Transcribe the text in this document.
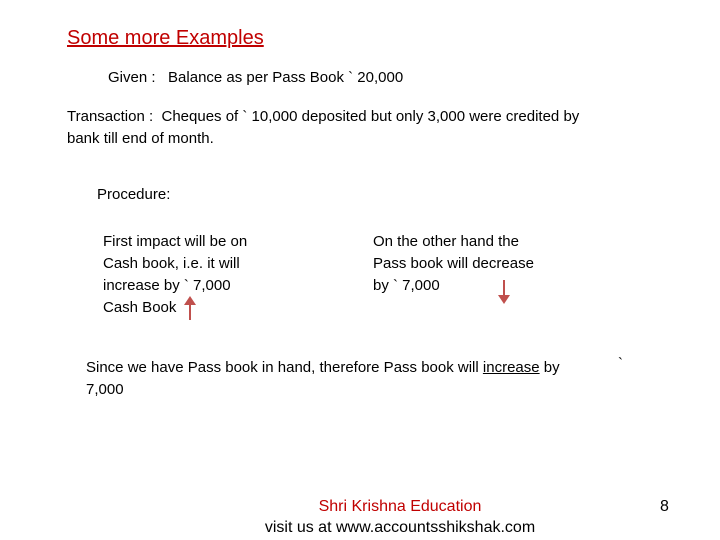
Some more Examples
Given : Balance as per Pass Book ` 20,000
Transaction : Cheques of ` 10,000 deposited but only 3,000 were credited by bank till end of month.
Procedure:
First impact will be on
Cash book, i.e. it will
increase by ` 7,000
Cash Book
On the other hand the
Pass book will decrease
by ` 7,000
Since we have Pass book in hand, therefore Pass book will increase by
7,000
`
Shri Krishna Education
visit us at www.accountsshikshak.com
8
